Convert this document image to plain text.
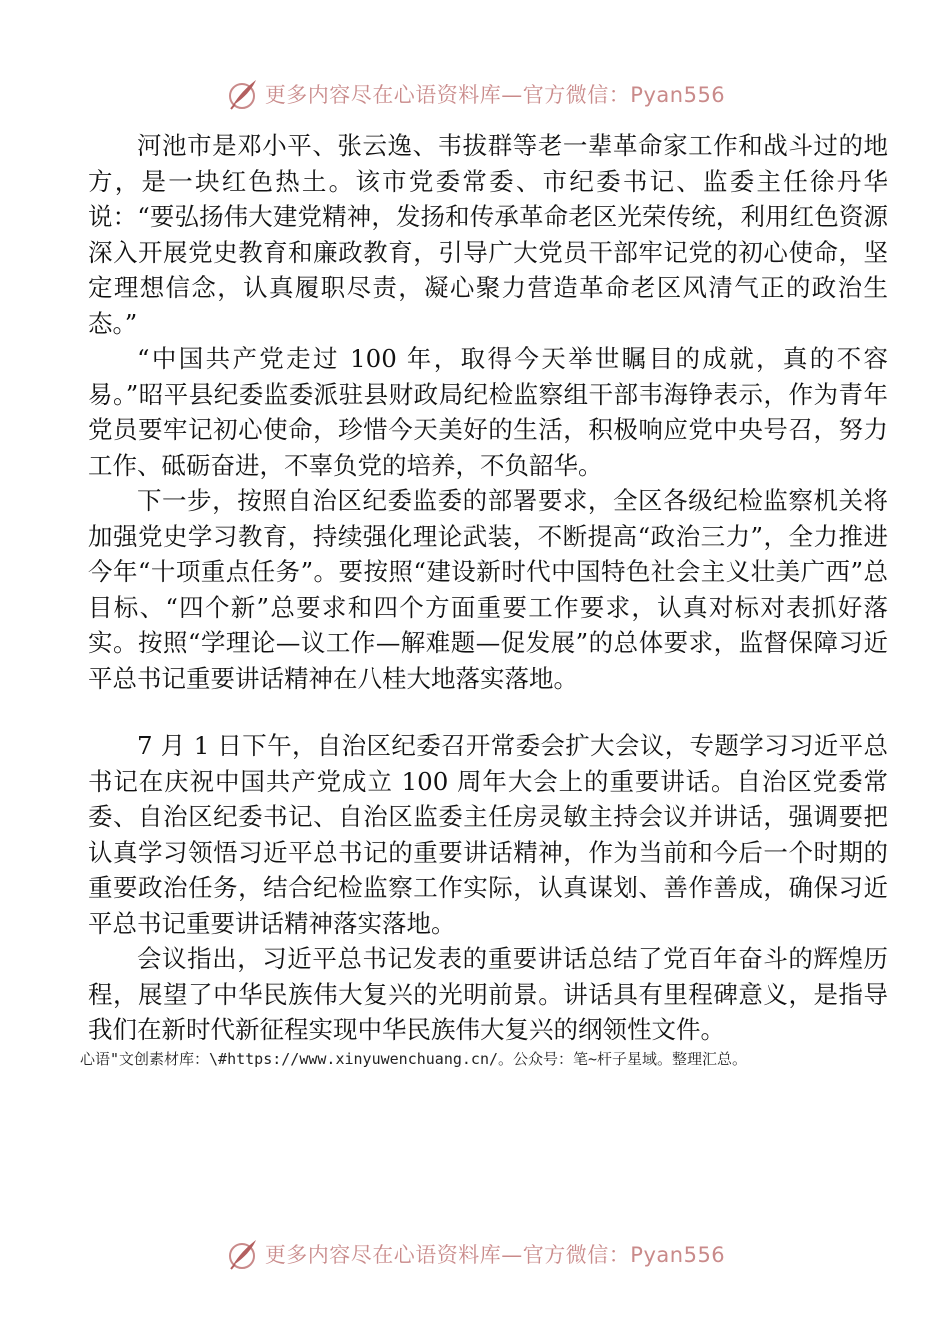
更多内容尽在心语资料库—官方微信：Pyan556

河池市是邓小平、张云逸、韦拔群等老一辈革命家工作和战斗过的地方，是一块红色热土。该市党委常委、市纪委书记、监委主任徐丹华说：“要弘扬伟大建党精神，发扬和传承革命老区光荣传统，利用红色资源深入开展党史教育和廉政教育，引导广大党员干部牢记党的初心使命，坚定理想信念，认真履职尽责，凝心聚力营造革命老区风清气正的政治生态。”

“中国共产党走过 100 年，取得今天举世瞩目的成就，真的不容易。”昭平县纪委监委派驻县财政局纪检监察组干部韦海铮表示，作为青年党员要牢记初心使命，珍惜今天美好的生活，积极响应党中央号召，努力工作、砥砺奋进，不辜负党的培养，不负韶华。

下一步，按照自治区纪委监委的部署要求，全区各级纪检监察机关将加强党史学习教育，持续强化理论武装，不断提高“政治三力”，全力推进今年“十项重点任务”。要按照“建设新时代中国特色社会主义壮美广西”总目标、“四个新”总要求和四个方面重要工作要求，认真对标对表抓好落实。按照“学理论—议工作—解难题—促发展”的总体要求，监督保障习近平总书记重要讲话精神在八桂大地落实落地。

7 月 1 日下午，自治区纪委召开常委会扩大会议，专题学习习近平总书记在庆祝中国共产党成立 100 周年大会上的重要讲话。自治区党委常委、自治区纪委书记、自治区监委主任房灵敏主持会议并讲话，强调要把认真学习领悟习近平总书记的重要讲话精神，作为当前和今后一个时期的重要政治任务，结合纪检监察工作实际，认真谋划、善作善成，确保习近平总书记重要讲话精神落实落地。

会议指出，习近平总书记发表的重要讲话总结了党百年奋斗的辉煌历程，展望了中华民族伟大复兴的光明前景。讲话具有里程碑意义，是指导我们在新时代新征程实现中华民族伟大复兴的纲领性文件。

心语"文创素材库：\#https://www.xinyuwenchuang.cn/。公众号：笔~杆子星域。整理汇总。

更多内容尽在心语资料库—官方微信：Pyan556
